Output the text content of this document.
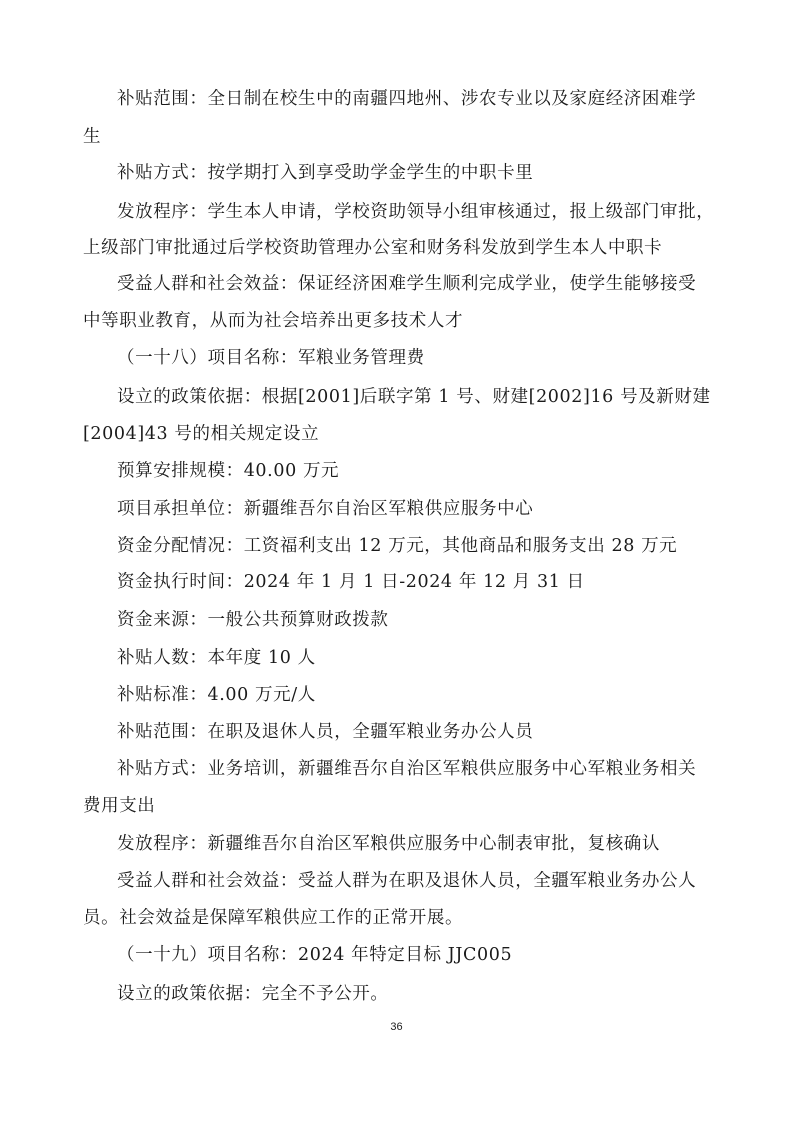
补贴范围：全日制在校生中的南疆四地州、涉农专业以及家庭经济困难学
生
补贴方式：按学期打入到享受助学金学生的中职卡里
发放程序：学生本人申请，学校资助领导小组审核通过，报上级部门审批，
上级部门审批通过后学校资助管理办公室和财务科发放到学生本人中职卡
受益人群和社会效益：保证经济困难学生顺利完成学业，使学生能够接受
中等职业教育，从而为社会培养出更多技术人才
（一十八）项目名称：军粮业务管理费
设立的政策依据：根据[2001]后联字第 1 号、财建[2002]16 号及新财建
[2004]43 号的相关规定设立
预算安排规模：40.00 万元
项目承担单位：新疆维吾尔自治区军粮供应服务中心
资金分配情况：工资福利支出 12 万元，其他商品和服务支出 28 万元
资金执行时间：2024 年 1 月 1 日-2024 年 12 月 31 日
资金来源：一般公共预算财政拨款
补贴人数：本年度 10 人
补贴标准：4.00 万元/人
补贴范围：在职及退休人员，全疆军粮业务办公人员
补贴方式：业务培训，新疆维吾尔自治区军粮供应服务中心军粮业务相关
费用支出
发放程序：新疆维吾尔自治区军粮供应服务中心制表审批，复核确认
受益人群和社会效益：受益人群为在职及退休人员，全疆军粮业务办公人
员。社会效益是保障军粮供应工作的正常开展。
（一十九）项目名称：2024 年特定目标 JJC005
设立的政策依据：完全不予公开。
36
